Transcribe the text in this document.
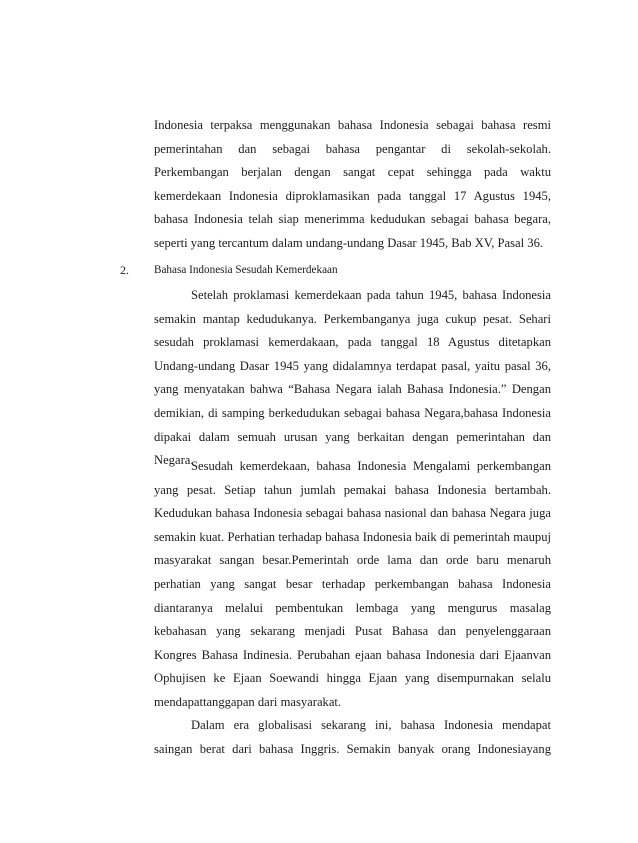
Indonesia terpaksa menggunakan bahasa Indonesia sebagai bahasa resmi
pemerintahan dan sebagai bahasa pengantar di sekolah-sekolah.
Perkembangan berjalan dengan sangat cepat sehingga pada waktu
kemerdekaan Indonesia diproklamasikan pada tanggal 17 Agustus 1945,
bahasa Indonesia telah siap menerimma kedudukan sebagai bahasa begara,
seperti yang tercantum dalam undang-undang Dasar 1945, Bab XV, Pasal 36.
2. Bahasa Indonesia Sesudah Kemerdekaan
Setelah proklamasi kemerdekaan pada tahun 1945, bahasa Indonesia
semakin mantap kedudukanya. Perkembanganya juga cukup pesat. Sehari
sesudah proklamasi kemerdakaan, pada tanggal 18 Agustus ditetapkan
Undang-undang Dasar 1945 yang didalamnya terdapat pasal, yaitu pasal 36,
yang menyatakan bahwa “Bahasa Negara ialah Bahasa Indonesia.” Dengan
demikian, di samping berkedudukan sebagai bahasa Negara,bahasa Indonesia
dipakai dalam semuah urusan yang berkaitan dengan pemerintahan dan
Negara.
Sesudah kemerdekaan, bahasa Indonesia Mengalami perkembangan
yang pesat. Setiap tahun jumlah pemakai bahasa Indonesia bertambah.
Kedudukan bahasa Indonesia sebagai bahasa nasional dan bahasa Negara juga
semakin kuat. Perhatian terhadap bahasa Indonesia baik di pemerintah maupuj
masyarakat sangan besar.Pemerintah orde lama dan orde baru menaruh
perhatian yang sangat besar terhadap perkembangan bahasa Indonesia
diantaranya melalui pembentukan lembaga yang mengurus masalag
kebahasan yang sekarang menjadi Pusat Bahasa dan penyelenggaraan
Kongres Bahasa Indinesia. Perubahan ejaan bahasa Indonesia dari Ejaanvan
Ophujisen ke Ejaan Soewandi hingga Ejaan yang disempurnakan selalu
mendapattanggapan dari masyarakat.
Dalam era globalisasi sekarang ini, bahasa Indonesia mendapat
saingan berat dari bahasa Inggris. Semakin banyak orang Indonesiayang
